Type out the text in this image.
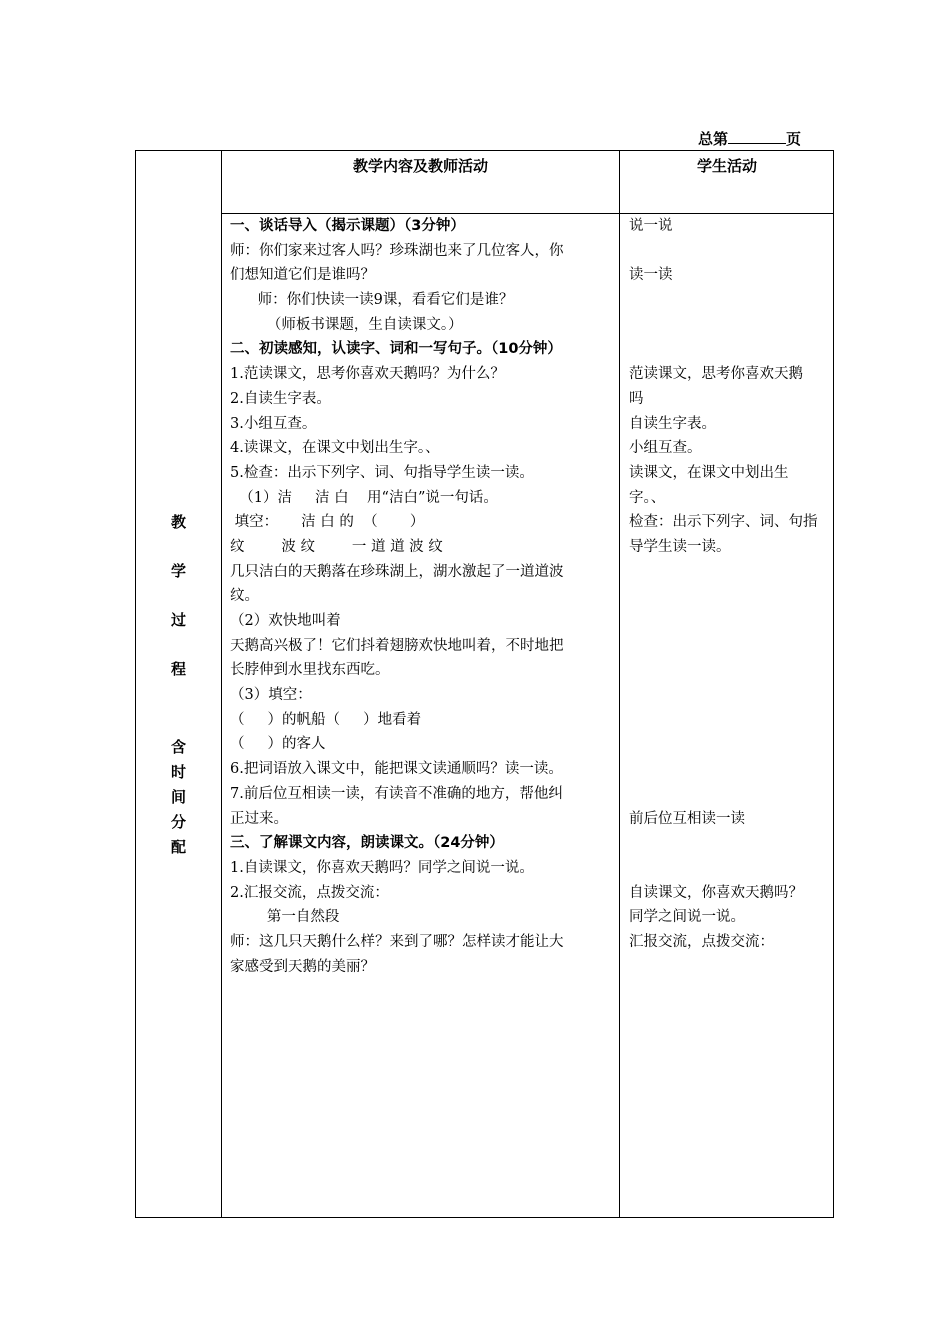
总第	页
教学内容及教师活动	学生活动
教
学
过
程
含
时
间
分
配
一、谈话导入（揭示课题）（3分钟）
师：你们家来过客人吗？珍珠湖也来了几位客人，你
们想知道它们是谁吗？
师：你们快读一读9课，看看它们是谁？
（师板书课题，生自读课文。）
二、初读感知，认读字、词和一写句子。（10分钟）
1.范读课文，思考你喜欢天鹅吗？为什么？
2.自读生字表。
3.小组互查。
4.读课文，在课文中划出生字。、
5.检查：出示下列字、词、句指导学生读一读。
（1）洁     洁 白    用“洁白”说一句话。
填空：     洁 白 的  （       ）
纹        波 纹        一 道 道 波 纹
几只洁白的天鹅落在珍珠湖上，湖水激起了一道道波
纹。
（2）欢快地叫着
天鹅高兴极了！它们抖着翅膀欢快地叫着，不时地把
长脖伸到水里找东西吃。
（3）填空：
（     ）的帆船（     ）地看着
（     ）的客人
6.把词语放入课文中，能把课文读通顺吗？读一读。
7.前后位互相读一读，有读音不准确的地方，帮他纠
正过来。
三、了解课文内容，朗读课文。（24分钟）
1.自读课文，你喜欢天鹅吗？同学之间说一说。
2.汇报交流，点拨交流：
第一自然段
师：这几只天鹅什么样？来到了哪？怎样读才能让大
家感受到天鹅的美丽？
说一说
读一读
范读课文，思考你喜欢天鹅
吗
自读生字表。
小组互查。
读课文，在课文中划出生
字。、
检查：出示下列字、词、句指
导学生读一读。
前后位互相读一读
自读课文，你喜欢天鹅吗？
同学之间说一说。
汇报交流，点拨交流：
